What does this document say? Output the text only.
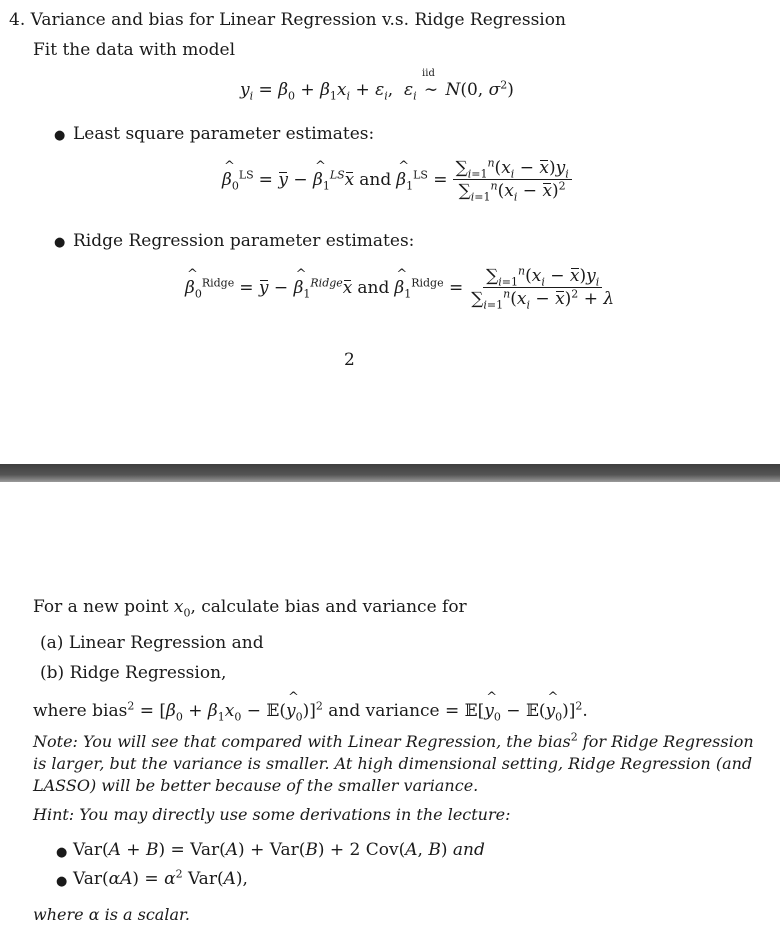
4. Variance and bias for Linear Regression v.s. Ridge Regression
Fit the data with model
$y_i = \beta_0 + \beta_1x_i + \varepsilon_i$,  $\varepsilon_i$ ∼
iid
N(0, $\sigma^2$)
● Least square parameter estimates:
^ $\beta_0^{LS} = y$ − ^ $\beta_1^{LS}x$ and ^ $\beta_1^{LS} = \frac{\sum_{i=1}^n(x_i - x)y_i}{\sum_{i=1}^n(x_i - x)^2}$
● Ridge Regression parameter estimates:
^ $\beta_0^{Ridge} = y$ − ^ $\beta_1^{Ridge}x$ and ^ $\beta_1^{Ridge} = \frac{\sum_{i=1}^n(x_i - x)y_i}{\sum_{i=1}^n(x_i - x)^2 + \lambda}$
2
For a new point $x_0$, calculate bias and variance for
(a) Linear Regression and
(b) Ridge Regression,
where bias$^2$ = [$\beta_0 + \beta_1x_0$ − 𝔼(^ $y_0)]^2$ and variance = 𝔼[^ $y_0$ − 𝔼(^ $y_0)]^2$.
Note: You will see that compared with Linear Regression, the bias$^2$ for Ridge Regression
is larger, but the variance is smaller. At high dimensional setting, Ridge Regression (and
LASSO) will be better because of the smaller variance.
Hint: You may directly use some derivations in the lecture:
● Var(A + B) = Var(A) + Var(B) + 2 Cov(A, B) and
● $Var(\alpha A) = \alpha^2$ Var(A),
where α is a scalar.
